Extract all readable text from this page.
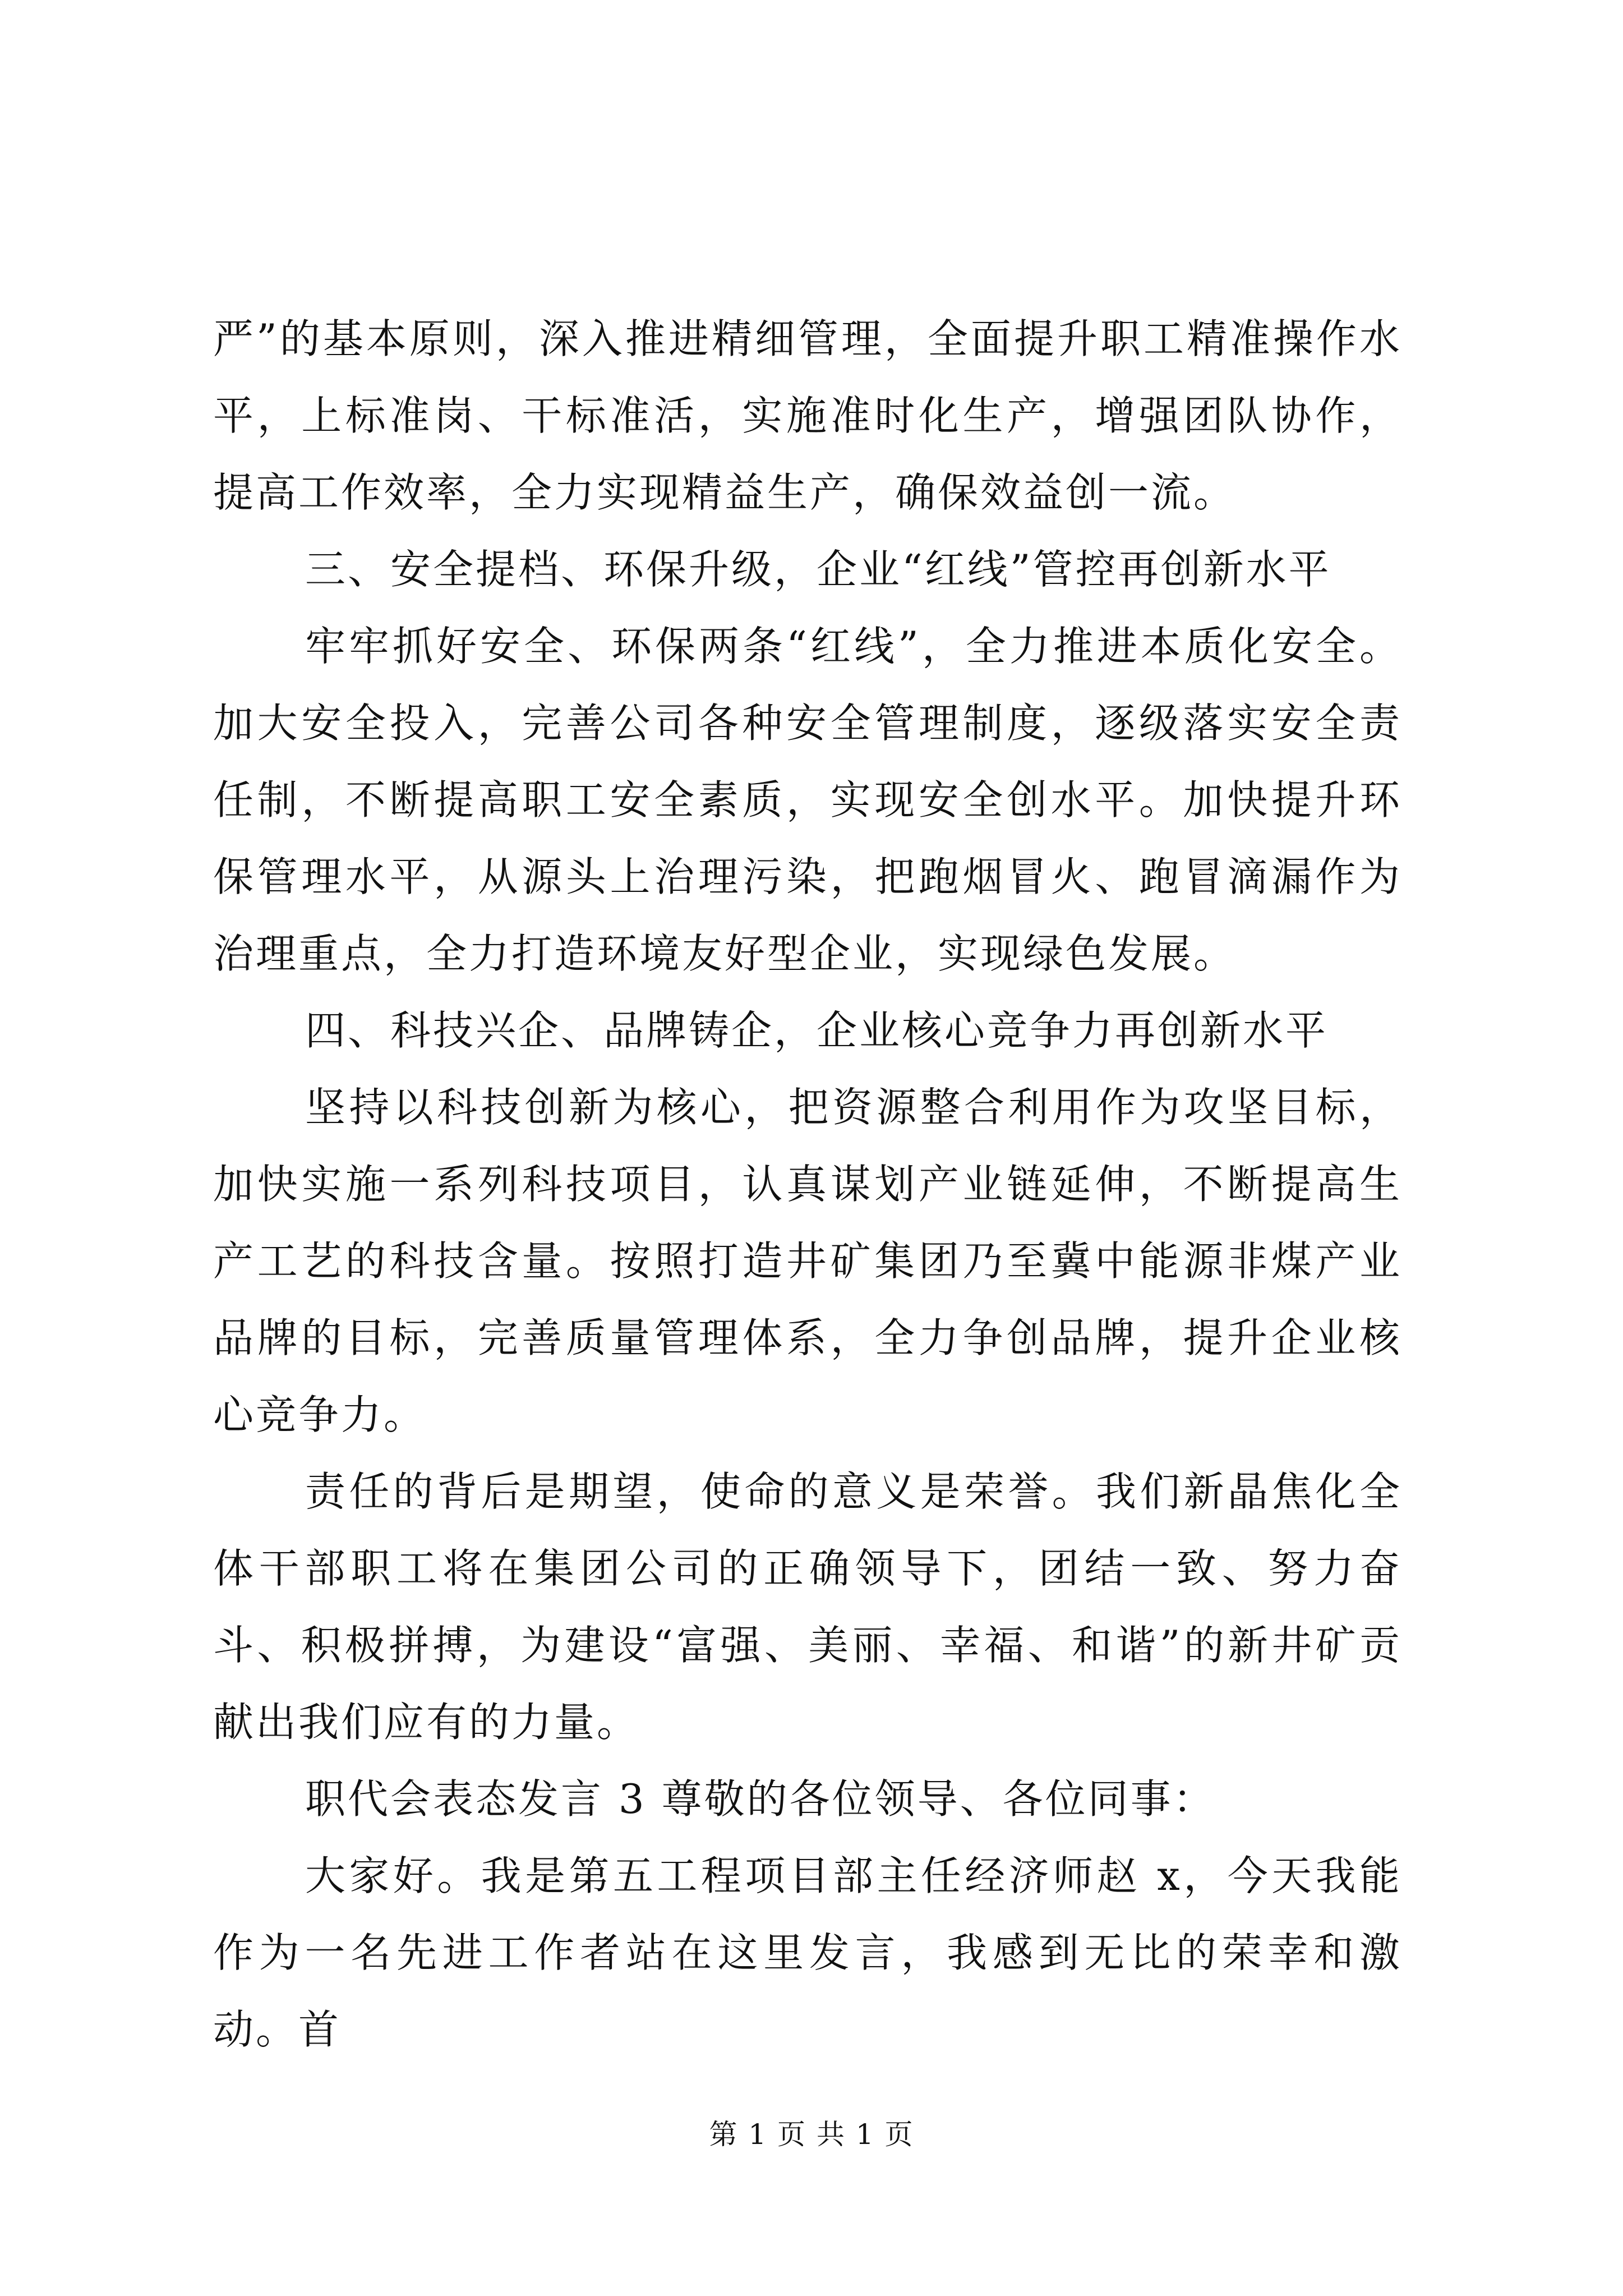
严”的基本原则，深入推进精细管理，全面提升职工精准操作水平，上标准岗、干标准活，实施准时化生产，增强团队协作，提高工作效率，全力实现精益生产，确保效益创一流。

三、安全提档、环保升级，企业“红线”管控再创新水平

牢牢抓好安全、环保两条“红线”，全力推进本质化安全。加大安全投入，完善公司各种安全管理制度，逐级落实安全责任制，不断提高职工安全素质，实现安全创水平。加快提升环保管理水平，从源头上治理污染，把跑烟冒火、跑冒滴漏作为治理重点，全力打造环境友好型企业，实现绿色发展。

四、科技兴企、品牌铸企，企业核心竞争力再创新水平

坚持以科技创新为核心，把资源整合利用作为攻坚目标，加快实施一系列科技项目，认真谋划产业链延伸，不断提高生产工艺的科技含量。按照打造井矿集团乃至冀中能源非煤产业品牌的目标，完善质量管理体系，全力争创品牌，提升企业核心竞争力。

责任的背后是期望，使命的意义是荣誉。我们新晶焦化全体干部职工将在集团公司的正确领导下，团结一致、努力奋斗、积极拼搏，为建设“富强、美丽、幸福、和谐”的新井矿贡献出我们应有的力量。

职代会表态发言 3 尊敬的各位领导、各位同事：

大家好。我是第五工程项目部主任经济师赵 x，今天我能作为一名先进工作者站在这里发言，我感到无比的荣幸和激动。首

第 1 页 共 1 页
